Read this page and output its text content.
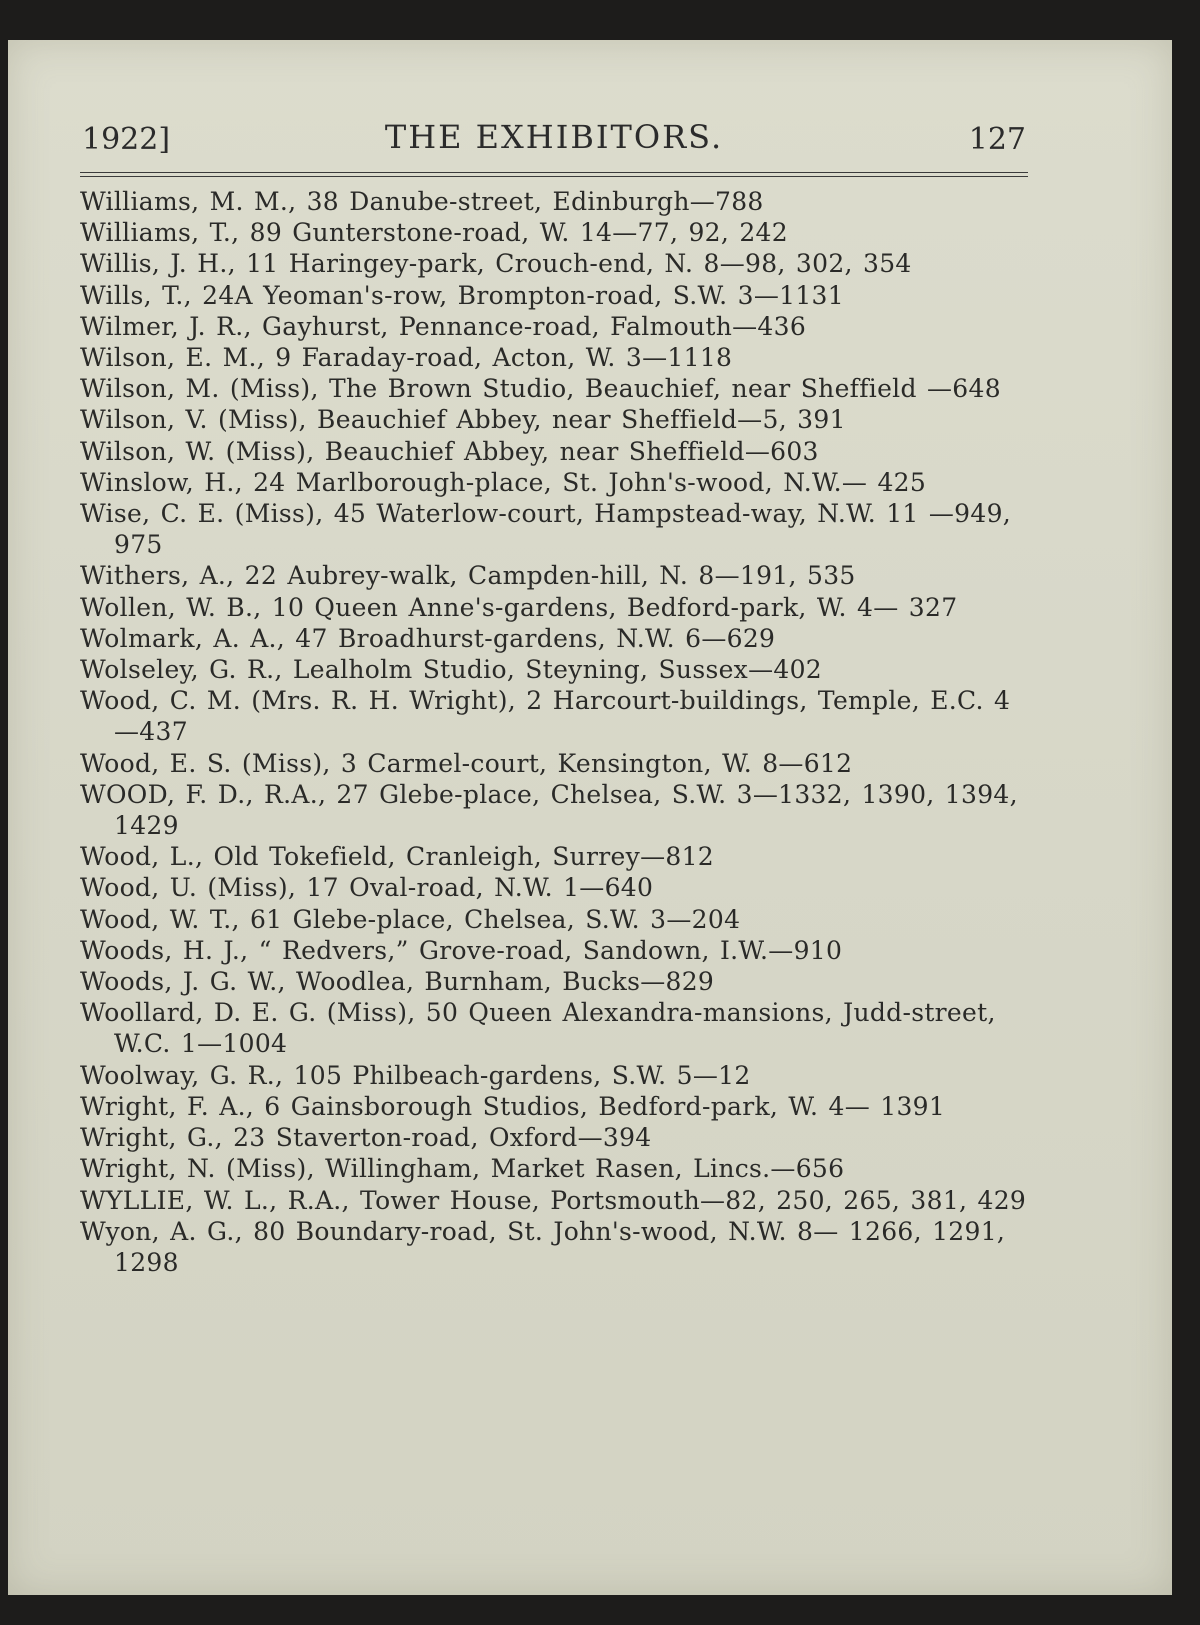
1922]	THE EXHIBITORS.	127
Williams, M. M., 38 Danube-street, Edinburgh—788
Williams, T., 89 Gunterstone-road, W. 14—77, 92, 242
Willis, J. H., 11 Haringey-park, Crouch-end, N. 8—98, 302, 354
Wills, T., 24A Yeoman's-row, Brompton-road, S.W. 3—1131
Wilmer, J. R., Gayhurst, Pennance-road, Falmouth—436
Wilson, E. M., 9 Faraday-road, Acton, W. 3—1118
Wilson, M. (Miss), The Brown Studio, Beauchief, near Sheffield —648
Wilson, V. (Miss), Beauchief Abbey, near Sheffield—5, 391
Wilson, W. (Miss), Beauchief Abbey, near Sheffield—603
Winslow, H., 24 Marlborough-place, St. John's-wood, N.W.— 425
Wise, C. E. (Miss), 45 Waterlow-court, Hampstead-way, N.W. 11 —949, 975
Withers, A., 22 Aubrey-walk, Campden-hill, N. 8—191, 535
Wollen, W. B., 10 Queen Anne's-gardens, Bedford-park, W. 4— 327
Wolmark, A. A., 47 Broadhurst-gardens, N.W. 6—629
Wolseley, G. R., Lealholm Studio, Steyning, Sussex—402
Wood, C. M. (Mrs. R. H. Wright), 2 Harcourt-buildings, Temple, E.C. 4—437
Wood, E. S. (Miss), 3 Carmel-court, Kensington, W. 8—612
WOOD, F. D., R.A., 27 Glebe-place, Chelsea, S.W. 3—1332, 1390, 1394, 1429
Wood, L., Old Tokefield, Cranleigh, Surrey—812
Wood, U. (Miss), 17 Oval-road, N.W. 1—640
Wood, W. T., 61 Glebe-place, Chelsea, S.W. 3—204
Woods, H. J., “ Redvers,” Grove-road, Sandown, I.W.—910
Woods, J. G. W., Woodlea, Burnham, Bucks—829
Woollard, D. E. G. (Miss), 50 Queen Alexandra-mansions, Judd-street, W.C. 1—1004
Woolway, G. R., 105 Philbeach-gardens, S.W. 5—12
Wright, F. A., 6 Gainsborough Studios, Bedford-park, W. 4— 1391
Wright, G., 23 Staverton-road, Oxford—394
Wright, N. (Miss), Willingham, Market Rasen, Lincs.—656
WYLLIE, W. L., R.A., Tower House, Portsmouth—82, 250, 265, 381, 429
Wyon, A. G., 80 Boundary-road, St. John's-wood, N.W. 8— 1266, 1291, 1298
